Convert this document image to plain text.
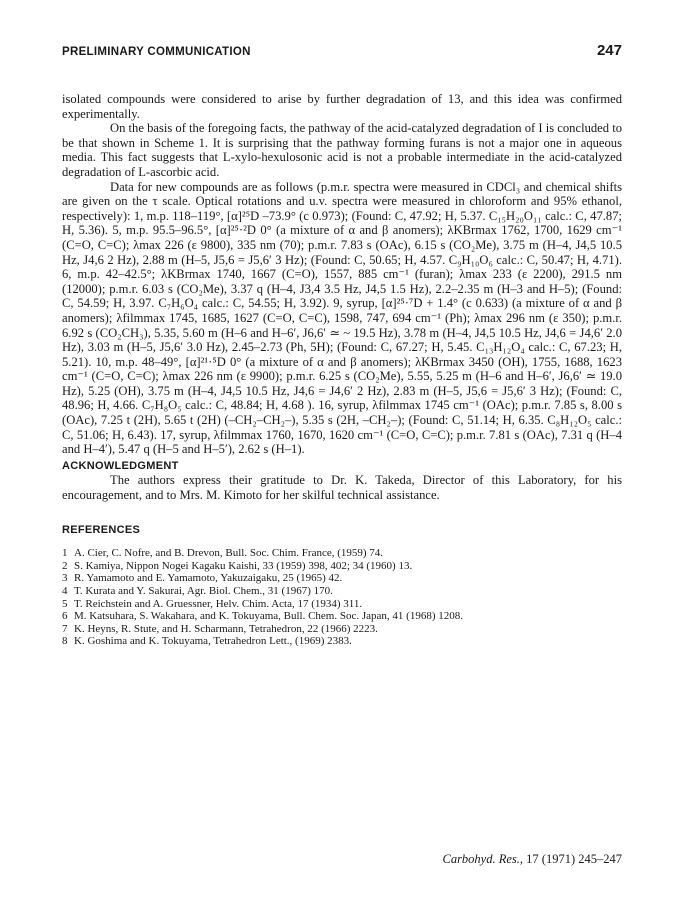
PRELIMINARY COMMUNICATION	247

isolated compounds were considered to arise by further degradation of 13, and this idea was confirmed experimentally.

On the basis of the foregoing facts, the pathway of the acid-catalyzed degradation of I is concluded to be that shown in Scheme 1. It is surprising that the pathway forming furans is not a major one in aqueous media. This fact suggests that L-xylo-hexulosonic acid is not a probable intermediate in the acid-catalyzed degradation of L-ascorbic acid.

Data for new compounds are as follows (p.m.r. spectra were measured in CDCl₃ and chemical shifts are given on the τ scale. Optical rotations and u.v. spectra were measured in chloroform and 95% ethanol, respectively): 1, m.p. 118–119°, [α]²⁵D –73.9° (c 0.973); (Found: C, 47.92; H, 5.37. C₁₅H₂₀O₁₁ calc.: C, 47.87; H, 5.36). 5, m.p. 95.5–96.5°, [α]²⁵·²D 0° (a mixture of α and β anomers); λKBrmax 1762, 1700, 1629 cm⁻¹ (C=O, C=C); λmax 226 (ε 9800), 335 nm (70); p.m.r. 7.83 s (OAc), 6.15 s (CO₂Me), 3.75 m (H–4, J4,5 10.5 Hz, J4,6 2 Hz), 2.88 m (H–5, J5,6 = J5,6′ 3 Hz); (Found: C, 50.65; H, 4.57. C₉H₁₀O₆ calc.: C, 50.47; H, 4.71). 6, m.p. 42–42.5°; λKBrmax 1740, 1667 (C=O), 1557, 885 cm⁻¹ (furan); λmax 233 (ε 2200), 291.5 nm (12000); p.m.r. 6.03 s (CO₂Me), 3.37 q (H–4, J3,4 3.5 Hz, J4,5 1.5 Hz), 2.2–2.35 m (H–3 and H–5); (Found: C, 54.59; H, 3.97. C₇H₆O₄ calc.: C, 54.55; H, 3.92). 9, syrup, [α]²⁵·⁷D + 1.4° (c 0.633) (a mixture of α and β anomers); λfilmmax 1745, 1685, 1627 (C=O, C=C), 1598, 747, 694 cm⁻¹ (Ph); λmax 296 nm (ε 350); p.m.r. 6.92 s (CO₂CH₃), 5.35, 5.60 m (H–6 and H–6′, J6,6′ ≃ ~ 19.5 Hz), 3.78 m (H–4, J4,5 10.5 Hz, J4,6 = J4,6′ 2.0 Hz), 3.03 m (H–5, J5,6′ 3.0 Hz), 2.45–2.73 (Ph, 5H); (Found: C, 67.27; H, 5.45. C₁₃H₁₂O₄ calc.: C, 67.23; H, 5.21). 10, m.p. 48–49°, [α]²¹·⁵D 0° (a mixture of α and β anomers); λKBrmax 3450 (OH), 1755, 1688, 1623 cm⁻¹ (C=O, C=C); λmax 226 nm (ε 9900); p.m.r. 6.25 s (CO₂Me), 5.55, 5.25 m (H–6 and H–6′, J6,6′ ≃ 19.0 Hz), 5.25 (OH), 3.75 m (H–4, J4,5 10.5 Hz, J4,6 = J4,6′ 2 Hz), 2.83 m (H–5, J5,6 = J5,6′ 3 Hz); (Found: C, 48.96; H, 4.66. C₇H₈O₅ calc.: C, 48.84; H, 4.68 ). 16, syrup, λfilmmax 1745 cm⁻¹ (OAc); p.m.r. 7.85 s, 8.00 s (OAc), 7.25 t (2H), 5.65 t (2H) (–CH₂–CH₂–), 5.35 s (2H, –CH₂–); (Found: C, 51.14; H, 6.35. C₈H₁₂O₅ calc.: C, 51.06; H, 6.43). 17, syrup, λfilmmax 1760, 1670, 1620 cm⁻¹ (C=O, C=C); p.m.r. 7.81 s (OAc), 7.31 q (H–4 and H–4′), 5.47 q (H–5 and H–5′), 2.62 s (H–1).

ACKNOWLEDGMENT

The authors express their gratitude to Dr. K. Takeda, Director of this Laboratory, for his encouragement, and to Mrs. M. Kimoto for her skilful technical assistance.

REFERENCES
1 A. Cier, C. Nofre, and B. Drevon, Bull. Soc. Chim. France, (1959) 74.
2 S. Kamiya, Nippon Nogei Kagaku Kaishi, 33 (1959) 398, 402; 34 (1960) 13.
3 R. Yamamoto and E. Yamamoto, Yakuzaigaku, 25 (1965) 42.
4 T. Kurata and Y. Sakurai, Agr. Biol. Chem., 31 (1967) 170.
5 T. Reichstein and A. Gruessner, Helv. Chim. Acta, 17 (1934) 311.
6 M. Katsuhara, S. Wakahara, and K. Tokuyama, Bull. Chem. Soc. Japan, 41 (1968) 1208.
7 K. Heyns, R. Stute, and H. Scharmann, Tetrahedron, 22 (1966) 2223.
8 K. Goshima and K. Tokuyama, Tetrahedron Lett., (1969) 2383.
Carbohyd. Res., 17 (1971) 245–247
